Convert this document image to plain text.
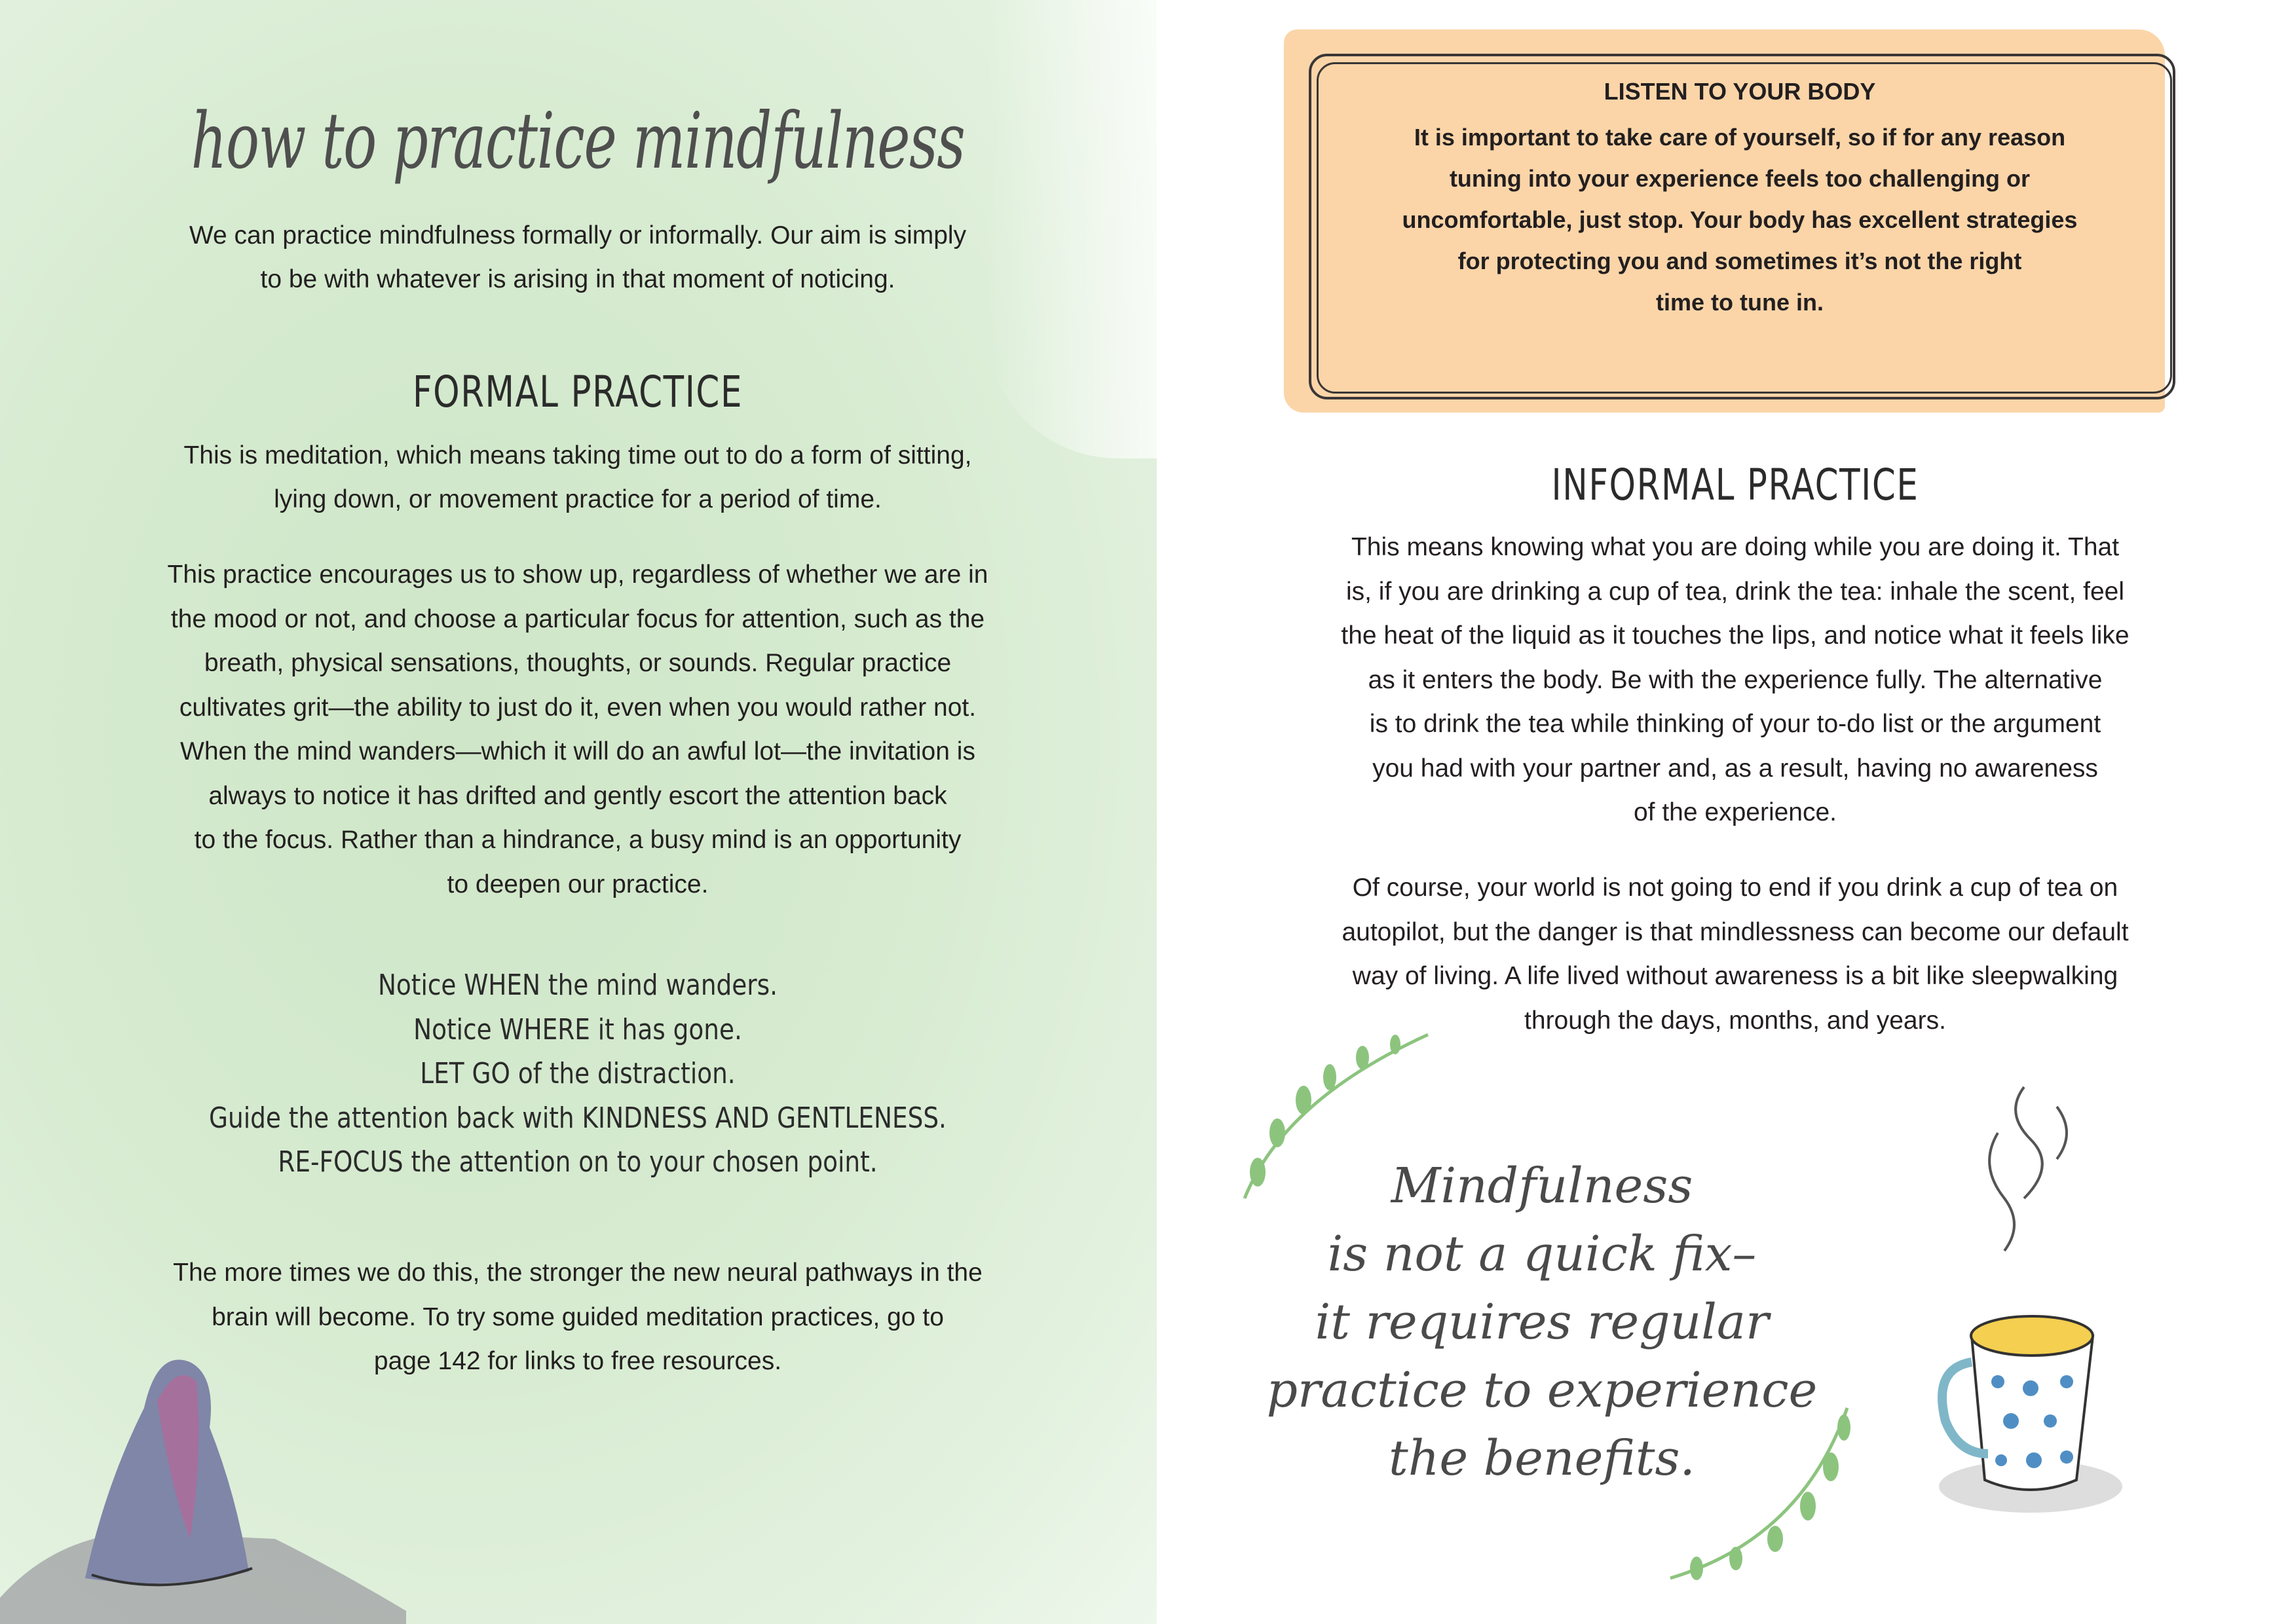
how to practice mindfulness
We can practice mindfulness formally or informally. Our aim is simply
to be with whatever is arising in that moment of noticing.
FORMAL PRACTICE
This is meditation, which means taking time out to do a form of sitting,
lying down, or movement practice for a period of time.
This practice encourages us to show up, regardless of whether we are in
the mood or not, and choose a particular focus for attention, such as the
breath, physical sensations, thoughts, or sounds. Regular practice
cultivates grit—the ability to just do it, even when you would rather not.
When the mind wanders—which it will do an awful lot—the invitation is
always to notice it has drifted and gently escort the attention back
to the focus. Rather than a hindrance, a busy mind is an opportunity
to deepen our practice.
Notice WHEN the mind wanders.
Notice WHERE it has gone.
LET GO of the distraction.
Guide the attention back with KINDNESS AND GENTLENESS.
RE-FOCUS the attention on to your chosen point.
The more times we do this, the stronger the new neural pathways in the
brain will become. To try some guided meditation practices, go to
page 142 for links to free resources.
LISTEN TO YOUR BODY
It is important to take care of yourself, so if for any reason
tuning into your experience feels too challenging or
uncomfortable, just stop. Your body has excellent strategies
for protecting you and sometimes it’s not the right
time to tune in.
INFORMAL PRACTICE
This means knowing what you are doing while you are doing it. That
is, if you are drinking a cup of tea, drink the tea: inhale the scent, feel
the heat of the liquid as it touches the lips, and notice what it feels like
as it enters the body. Be with the experience fully. The alternative
is to drink the tea while thinking of your to-do list or the argument
you had with your partner and, as a result, having no awareness
of the experience.
Of course, your world is not going to end if you drink a cup of tea on
autopilot, but the danger is that mindlessness can become our default
way of living. A life lived without awareness is a bit like sleepwalking
through the days, months, and years.
Mindfulness
is not a quick fix–
it requires regular
practice to experience
the benefits.
